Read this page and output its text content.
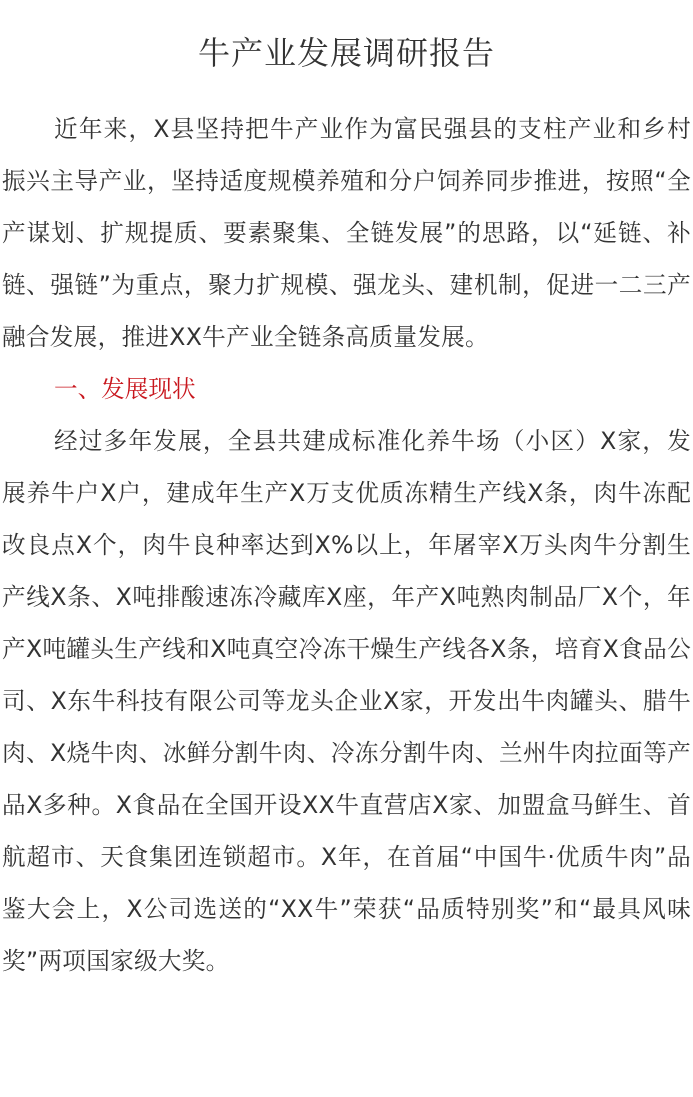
牛产业发展调研报告

近年来，X县坚持把牛产业作为富民强县的支柱产业和乡村振兴主导产业，坚持适度规模养殖和分户饲养同步推进，按照“全产谋划、扩规提质、要素聚集、全链发展”的思路，以“延链、补链、强链”为重点，聚力扩规模、强龙头、建机制，促进一二三产融合发展，推进XX牛产业全链条高质量发展。

一、发展现状

经过多年发展，全县共建成标准化养牛场（小区）X家，发展养牛户X户，建成年生产X万支优质冻精生产线X条，肉牛冻配改良点X个，肉牛良种率达到X%以上，年屠宰X万头肉牛分割生产线X条、X吨排酸速冻冷藏库X座，年产X吨熟肉制品厂X个，年产X吨罐头生产线和X吨真空冷冻干燥生产线各X条，培育X食品公司、X东牛科技有限公司等龙头企业X家，开发出牛肉罐头、腊牛肉、X烧牛肉、冰鲜分割牛肉、冷冻分割牛肉、兰州牛肉拉面等产品X多种。X食品在全国开设XX牛直营店X家、加盟盒马鲜生、首航超市、天食集团连锁超市。X年，在首届“中国牛·优质牛肉”品鉴大会上，X公司选送的“XX牛”荣获“品质特别奖”和“最具风味奖”两项国家级大奖。
